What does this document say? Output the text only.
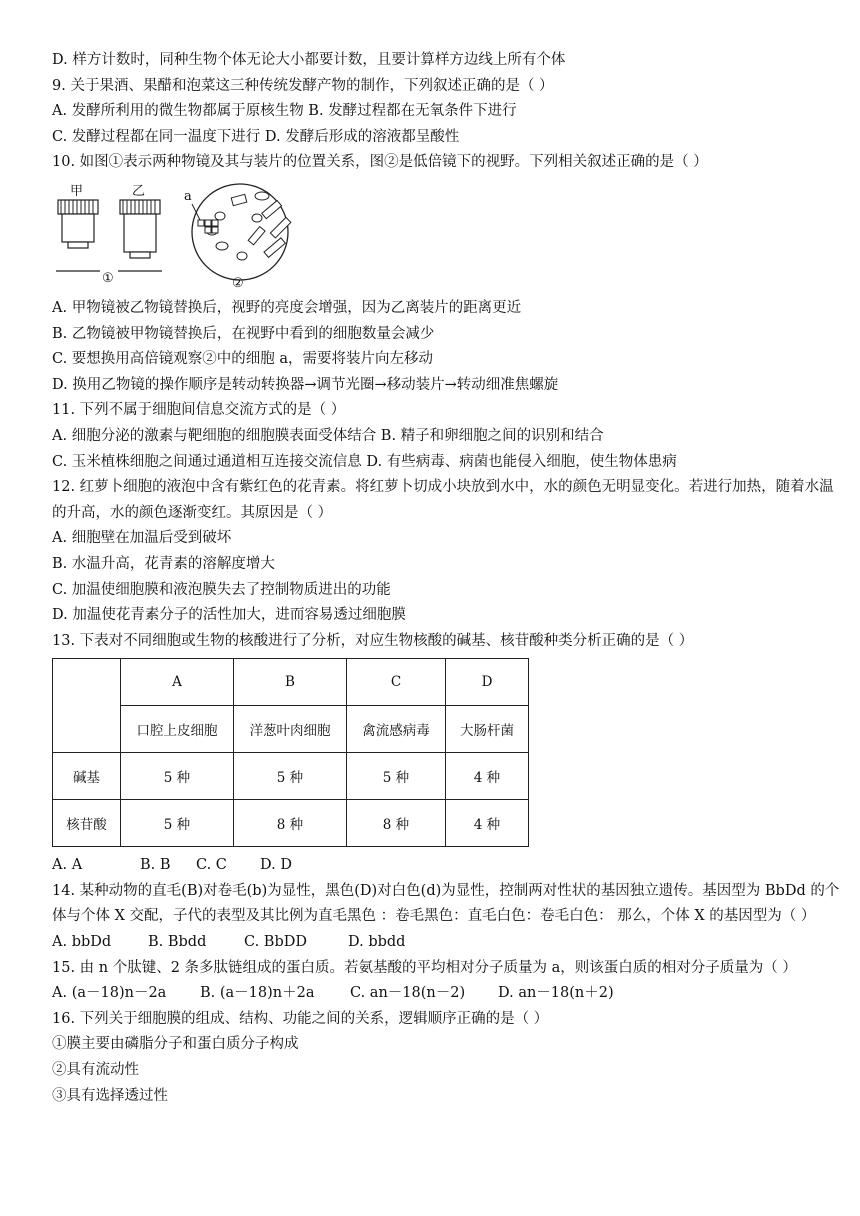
D. 样方计数时，同种生物个体无论大小都要计数，且要计算样方边线上所有个体
9. 关于果酒、果醋和泡菜这三种传统发酵产物的制作，下列叙述正确的是（ ）
A. 发酵所利用的微生物都属于原核生物 B. 发酵过程都在无氧条件下进行
C. 发酵过程都在同一温度下进行 D. 发酵后形成的溶液都呈酸性
10. 如图①表示两种物镜及其与装片的位置关系，图②是低倍镜下的视野。下列相关叙述正确的是（ ）
甲	乙
①	②
a
A. 甲物镜被乙物镜替换后，视野的亮度会增强，因为乙离装片的距离更近
B. 乙物镜被甲物镜替换后，在视野中看到的细胞数量会减少
C. 要想换用高倍镜观察②中的细胞 a，需要将装片向左移动
D. 换用乙物镜的操作顺序是转动转换器→调节光圈→移动装片→转动细准焦螺旋
11. 下列不属于细胞间信息交流方式的是（ ）
A. 细胞分泌的激素与靶细胞的细胞膜表面受体结合 B. 精子和卵细胞之间的识别和结合
C. 玉米植株细胞之间通过通道相互连接交流信息 D. 有些病毒、病菌也能侵入细胞，使生物体患病
12. 红萝卜细胞的液泡中含有紫红色的花青素。将红萝卜切成小块放到水中，水的颜色无明显变化。若进行加热，随着水温的升高，水的颜色逐渐变红。其原因是（ ）
A. 细胞壁在加温后受到破坏
B. 水温升高，花青素的溶解度增大
C. 加温使细胞膜和液泡膜失去了控制物质进出的功能
D. 加温使花青素分子的活性加大，进而容易透过细胞膜
13. 下表对不同细胞或生物的核酸进行了分析，对应生物核酸的碱基、核苷酸种类分析正确的是（ ）
	A	B	C	D
	口腔上皮细胞	洋葱叶肉细胞	禽流感病毒	大肠杆菌
碱基	5 种	5 种	5 种	4 种
核苷酸	5 种	8 种	8 种	4 种
A. A	B. B C. C D. D
14. 某种动物的直毛(B)对卷毛(b)为显性，黑色(D)对白色(d)为显性，控制两对性状的基因独立遗传。基因型为 BbDd 的个体与个体 X 交配，子代的表型及其比例为直毛黑色 ：卷毛黑色：直毛白色：卷毛白色： 那么，个体 X 的基因型为（ ）
A. bbDd	B. Bbdd	C. BbDD	D. bbdd
15. 由 n 个肽键、2 条多肽链组成的蛋白质。若氨基酸的平均相对分子质量为 a，则该蛋白质的相对分子质量为（ ）
A. (a－18)n－2a B. (a－18)n＋2a C. an－18(n－2) D. an－18(n＋2)
16. 下列关于细胞膜的组成、结构、功能之间的关系，逻辑顺序正确的是（ ）
①膜主要由磷脂分子和蛋白质分子构成
②具有流动性
③具有选择透过性
